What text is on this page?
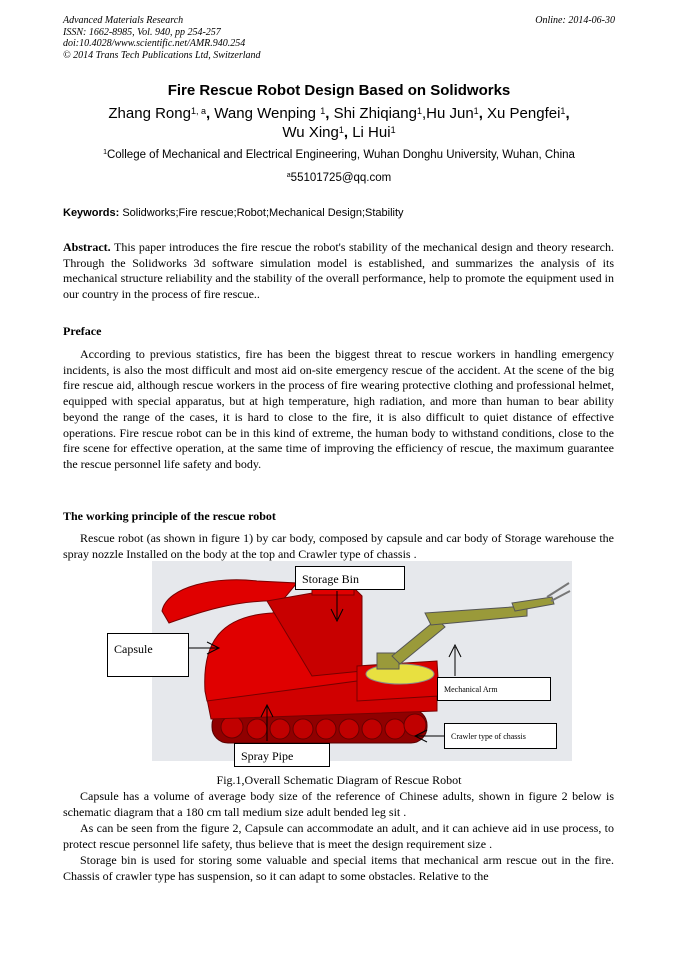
Advanced Materials Research
ISSN: 1662-8985, Vol. 940, pp 254-257
doi:10.4028/www.scientific.net/AMR.940.254
© 2014 Trans Tech Publications Ltd, Switzerland
Online: 2014-06-30
Fire Rescue Robot Design Based on Solidworks
Zhang Rong$^{1, a}$, Wang Wenping $^1$, Shi Zhiqiang$^1$,Hu Jun$^1$, Xu Pengfei$^1$,
Wu Xing$^1$, Li Hui$^1$
$^1$College of Mechanical and Electrical Engineering, Wuhan Donghu University, Wuhan, China
$^a$55101725@qq.com
Keywords: Solidworks;Fire rescue;Robot;Mechanical Design;Stability
Abstract. This paper introduces the fire rescue the robot's stability of the mechanical design and theory research. Through the Solidworks 3d software simulation model is established, and summarizes the analysis of its mechanical structure reliability and the stability of the overall performance, help to promote the equipment used in our country in the process of fire rescue..
Preface
According to previous statistics, fire has been the biggest threat to rescue workers in handling emergency incidents, is also the most difficult and most aid on-site emergency rescue of the accident. At the scene of the big fire rescue aid, although rescue workers in the process of fire wearing protective clothing and professional helmet, equipped with special apparatus, but at high temperature, high radiation, and more than human to bear ability beyond the range of the cases, it is hard to close to the fire, it is also difficult to quiet distance of effective operations. Fire rescue robot can be in this kind of extreme, the human body to withstand conditions, close to the fire scene for effective operation, at the same time of improving the efficiency of rescue, the maximum guarantee the rescue personnel life safety and body.
The working principle of the rescue robot
Rescue robot (as shown in figure 1) by car body, composed by capsule and car body of Storage warehouse the spray nozzle Installed on the body at the top and Crawler type of chassis .
Storage Bin
Capsule
Mechanical Arm
Crawler type of chassis
Spray Pipe
Fig.1,Overall Schematic Diagram of Rescue Robot
Capsule has a volume of average body size of the reference of Chinese adults, shown in figure 2 below is schematic diagram that a 180 cm tall medium size adult bended leg sit .
As can be seen from the figure 2, Capsule can accommodate an adult, and it can achieve aid in use process, to protect rescue personnel life safety, thus believe that is meet the design requirement size .
Storage bin is used for storing some valuable and special items that mechanical arm rescue out in the fire. Chassis of crawler type has suspension, so it can adapt to some obstacles. Relative to the
